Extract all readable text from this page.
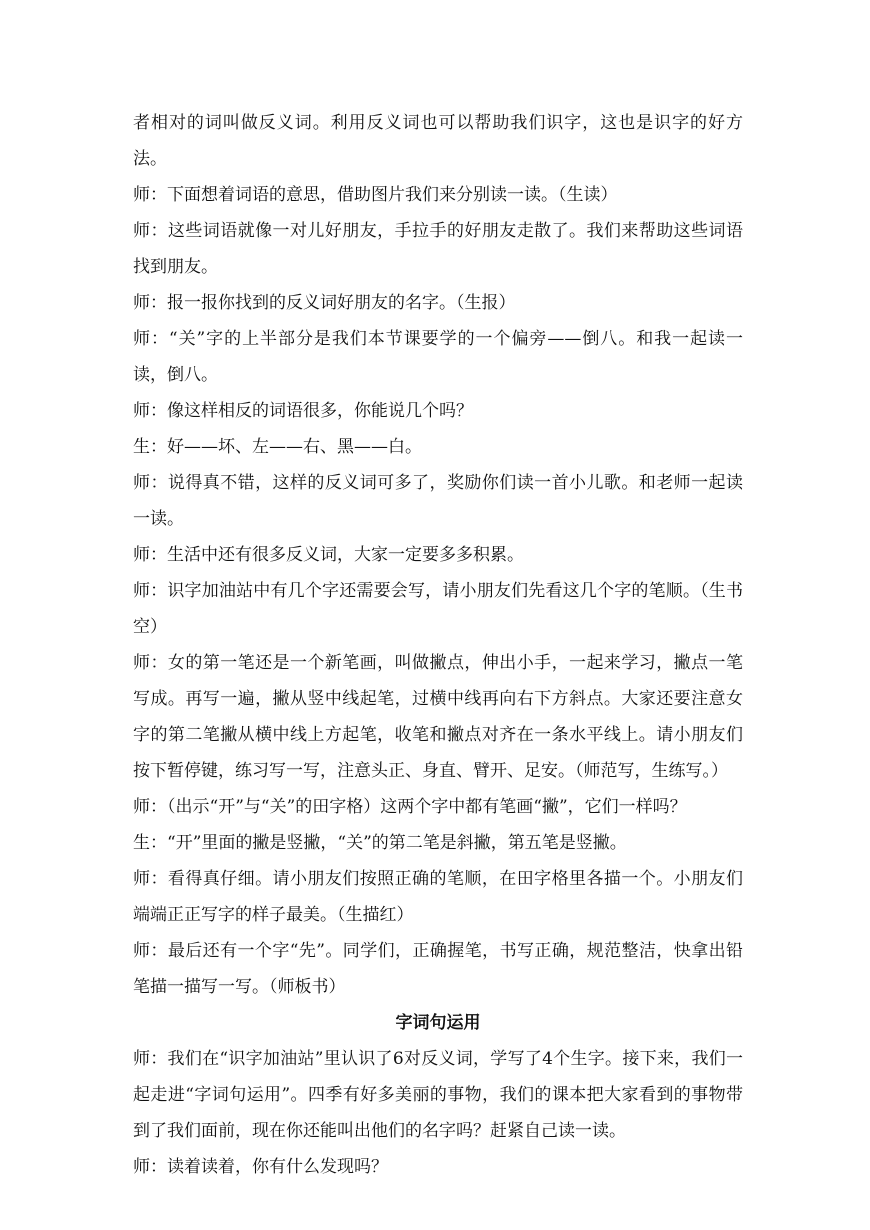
者相对的词叫做反义词。利用反义词也可以帮助我们识字，这也是识字的好方法。

师：下面想着词语的意思，借助图片我们来分别读一读。（生读）

师：这些词语就像一对儿好朋友，手拉手的好朋友走散了。我们来帮助这些词语找到朋友。

师：报一报你找到的反义词好朋友的名字。（生报）

师：“关”字的上半部分是我们本节课要学的一个偏旁——倒八。和我一起读一读，倒八。

师：像这样相反的词语很多，你能说几个吗？

生：好——坏、左——右、黑——白。

师：说得真不错，这样的反义词可多了，奖励你们读一首小儿歌。和老师一起读一读。

师：生活中还有很多反义词，大家一定要多多积累。

师：识字加油站中有几个字还需要会写，请小朋友们先看这几个字的笔顺。（生书空）

师：女的第一笔还是一个新笔画，叫做撇点，伸出小手，一起来学习，撇点一笔写成。再写一遍，撇从竖中线起笔，过横中线再向右下方斜点。大家还要注意女字的第二笔撇从横中线上方起笔，收笔和撇点对齐在一条水平线上。请小朋友们按下暂停键，练习写一写，注意头正、身直、臂开、足安。（师范写，生练写。）

师：（出示“开”与“关”的田字格）这两个字中都有笔画“撇”，它们一样吗？

生：“开”里面的撇是竖撇，“关”的第二笔是斜撇，第五笔是竖撇。

师：看得真仔细。请小朋友们按照正确的笔顺，在田字格里各描一个。小朋友们端端正正写字的样子最美。（生描红）

师：最后还有一个字“先”。同学们，正确握笔，书写正确，规范整洁，快拿出铅笔描一描写一写。（师板书）

字词句运用

师：我们在“识字加油站”里认识了6对反义词，学写了4个生字。接下来，我们一起走进“字词句运用”。四季有好多美丽的事物，我们的课本把大家看到的事物带到了我们面前，现在你还能叫出他们的名字吗？赶紧自己读一读。

师：读着读着，你有什么发现吗？
